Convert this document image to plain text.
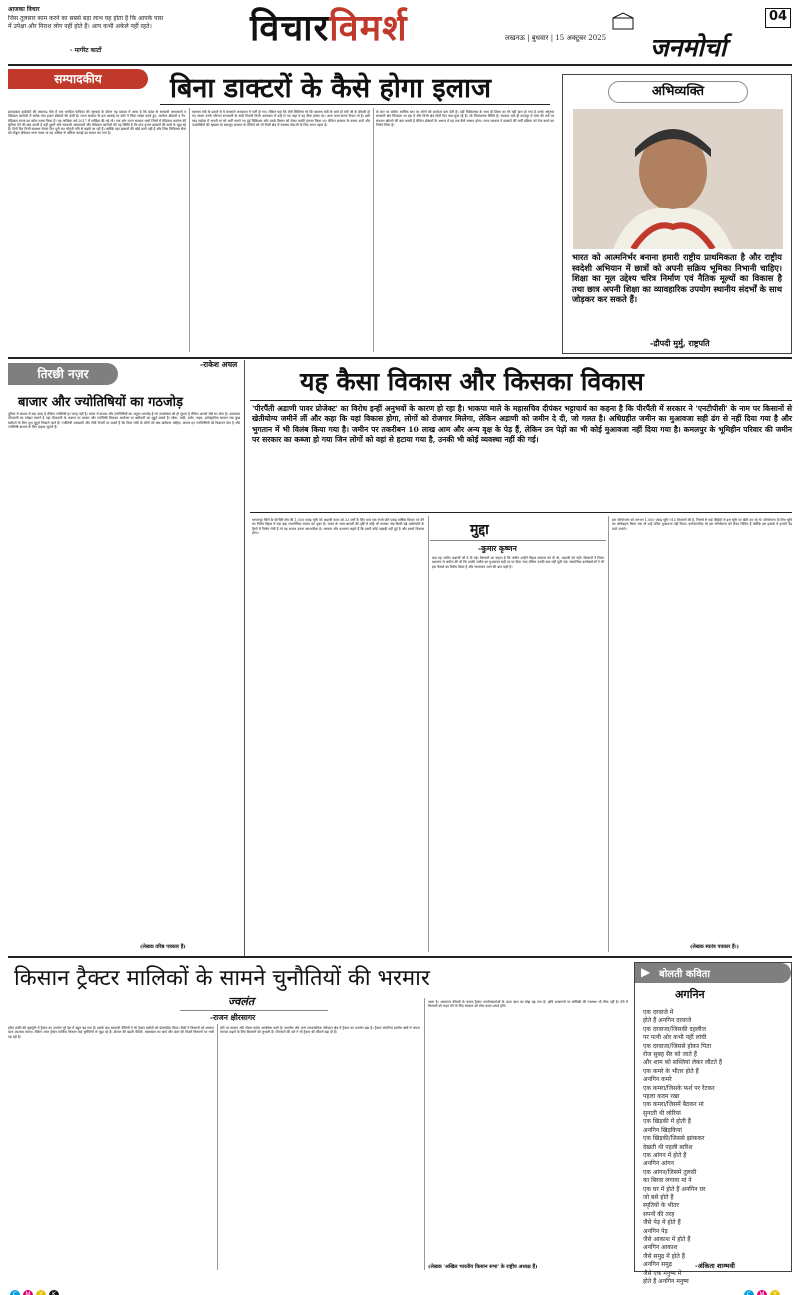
आजका विचार
जिस तुलसार काम करने का सबसे बड़ा लाभ यह होता है कि आपके पास में उपेक्षा और निराश लोग नहीं होते हैं। आप कभी अकेले नहीं रहते।
- मार्गरेट कार्टो
विचारविमर्श	लखनऊ | बुधवार | 15 अक्टूबर 2025 जनमोर्चा
04
सम्पादकीय	बिना डाक्टरों के कैसे होगा इलाज
इलाहाबाद हाईकोर्ट की लखनऊ पीठ में एक जनहित याचिका की सुनवाई के दौरान यह प्रकाश में आया है कि प्रदेश के सरकारी अस्पतालों व मेडिकल कालेजों में करीब पांच हजार डॉक्टरों की कमी है। राज्य सरकार के इस आंकड़े पर कोर्ट ने चिंता व्यक्त करते हुए, कार्यरत डॉक्टरों व गैर-मेडिकल स्टाफ का ब्योरा तलब किया है। यह याचिका वर्ष 2017 में दाखिल की गई थी। एक ओर राज्य सरकार सभी जिलों में मेडिकल कालेज की सुविधा देने की बात करती है वहीं दूसरी ओर सरकारी अस्पतालों और मेडिकल कालेजों की यह स्थिति है कि पांच हजार डाक्टरों की कमी से जूझ रहे हैं। दिनों दिन निजी स्वास्थ्य सेवाएं दिन दूनी रात चौगुनी गति से बढ़ती जा रही हैं। क्योंकि वहां डाक्टरों की कोई कमी नहीं है और जिस चिकित्सा सेवा को नोबुल प्रोफेशन माना जाता था वह अधिक से अधिक कमाई का साधन बन गया है।
स्वास्थ्य मंत्री के हवाले से ये सरकारी अस्पताल में भर्ती हो गए। लेकिन यहां कि ऐसी स्थितियां भी कि स्वास्थ्य मंत्री के जाते ही मंत्री जी के बीमारी हो गए अंततः उनके परिजन राजधानी के नामी गिरामी निजी अस्पताल में उन्हें ले गए जहां वे वह ठीक होकर घर। अगर कमा-करना टिकट तो है। इसी तरह महोबा में अपनी मां को भर्ती कराने गए हुई चिकित्सा और उनके बिस्तर को लेकर काफी हंगामा किया था। लेकिन सरकार के तमाम दावों और उपलब्धियों की श्रृंखला के बावजूद सरकार के मंत्रियों को भी निजी क्षेत्र में स्वास्थ्य सेवाओं के लिए जाना पड़ता है।
के स्तर पर कमित आर्थिक स्तर पर लोगों को कर्जदार बना देती है। वहीं चिकित्सक के साथ ही शिक्षा का भी यही हाल हो गया है उनके अनुसार सरकारी क्षेत्र सिमटता जा रहा है और निजी क्षेत्र दिनों दिन फल-फूल रहे हैं। जो चिंताजनक स्थिति है। सरकार भले ही कानपुर में एम्स की तर्ज पर संस्थान खोलने की बात करती है लेकिन डॉक्टरों के अभाव में यह सब कैसे सम्भव होगा। राज्य सरकार ने डाक्टरों की भर्ती प्रक्रिया को तेज करने का निर्णय लिया है।
अभिव्यक्ति
भारत को आत्मनिर्भर बनाना हमारी राष्ट्रीय प्राथमिकता है और राष्ट्रीय स्वदेशी अभियान में छात्रों को अपनी सक्रिय भूमिका निभानी चाहिए। शिक्षा का मूल उद्देश्य चरित्र निर्माण एवं नैतिक मूल्यों का विकास है तथा छात्र अपनी शिक्षा का व्यावहारिक उपयोग स्थानीय संदर्भों के साथ जोड़कर कर सकते हैं।
-द्रौपदी मुर्मु, राष्ट्रपति
तिरछी नज़र
-राकेश अचल
बाजार और ज्योतिषियों का गठजोड़
दुनिया में बाजार से सब जगह है लेकिन ज्योतिषी हर जगह नहीं है। भारत में बाजार और ज्योतिषियों का अनूठा गठजोड़ है जो उपभोक्ता को ही लूटता है लेकिन आपसे जेबें भर लेता है। आजकल दीपावली का त्योहार सामने है यहां दीपावली के अवसर पर बाजार और ज्योतिषी मिलकर धनतेरस पर खरीदारी का मुहूर्त बताते हैं। सोना, चांदी, बर्तन, वाहन, इलेक्ट्रानिक सामान सब कुछ खरीदने के लिए शुभ मुहूर्त निकाले जाते हैं। ज्योतिषी अखबारों और टीवी चैनलों पर बताते हैं कि किस राशि के लोगों को क्या खरीदना चाहिए। बाजार इन ज्योतिषियों को विज्ञापन देता है और ज्योतिषी बाजार के लिए ग्राहक जुटाते हैं।
(लेखक वरिष्ठ पत्रकार हैं)
यह कैसा विकास और किसका विकास
'पीरपैंती अडाणी पावर प्रोजेक्ट' का विरोध इन्हीं अनुभवों के कारण हो रहा है। भाकपा माले के महासचिव दीपंकर भट्टाचार्य का कहना है कि पीरपैंती में सरकार ने 'एनटीपीसी' के नाम पर किसानों से खेतीयोग्य जमीनें लीं और कहा कि यहां विकास होगा, लोगों को रोजगार मिलेगा, लेकिन अडाणी को जमीन दे दी, जो गलत है। अधिग्रहीत जमीन का मुआवजा सही ढंग से नहीं दिया गया है और भुगतान में भी विलंब किया गया है। जमीन पर तकरीबन 10 लाख आम और अन्य वृक्ष के पेड़ हैं, लेकिन उन पेड़ों का भी कोई मुआवजा नहीं दिया गया है। कमलपुर के भूमिहीन परिवार की जमीन पर सरकार का कब्जा हो गया जिन लोगों को वहां से हटाया गया है, उनकी भी कोई व्यवस्था नहीं की गई।
भागलपुर जिले के पीरपैंती क्षेत्र की 1,050 एकड़ भूमि को अडाणी पावर को 33 वर्षों के लिए मात्र एक रुपये प्रति एकड़ वार्षिक किराए पर देने का निर्णय बिहार में एक बड़ा राजनीतिक सवाल बन चुका है। भारत के आम-आदमी की दृष्टि में कोई भी सरकार जब किसी बड़े उद्योगपति के हितों में निर्णय लेती है तो यह सवाल उठना स्वाभाविक है। सरकार और प्रशासन कहते हैं कि इसमें कोई गड़बड़ी नहीं हुई है और इससे विकास होगा।	मुद्दा
-कुमार कृष्णन
बात यह जमीन अडाणी को दे दी गई। किसानों का कहना है कि जमीन उन्होंने बिहार सरकार को दी थी, अडाणी को नहीं। किसानों ने जिला प्रशासन से अपील की थी कि उनकी जमीन का मुआवजा सही दर पर दिया जाए लेकिन उनकी बात नहीं सुनी गई। सामाजिक कार्यकर्ताओं ने भी इस फैसले का विरोध किया है और न्यायालय जाने की बात कही है।
इस परियोजना को लगभग 1,050 एकड़ भूमि 915 किसानों की है, जिनसे से कई पीढ़ियों से इस भूमि पर खेती कर रहे थे। परियोजना के लिए भूमि का अधिग्रहण किया गया तो उन्हें उचित मुआवजा नहीं मिला। पर्यावरणविद भी इस परियोजना को लेकर चिंतित हैं क्योंकि इस इलाके में हजारों पेड़ काटे जाएंगे।
(लेखक स्वतंत्र पत्रकार हैं।)
किसान ट्रैक्टर मालिकों के सामने चुनौतियों की भरमार
ज्वलंत
-राजन क्षीरसागर
हरित क्रांति की पृष्ठभूमि में ट्रैक्टर का उपयोग पूरे देश में बहुत बढ़ गया है। इसके बाद सरकारी नीतियों ने भी ट्रैक्टर खरीदी को प्रोत्साहित किया। बैंकों ने किसानों को आसान ऋण उपलब्ध कराए। लेकिन आज ट्रैक्टर मालिक किसान कई चुनौतियों से जूझ रहे हैं। डीजल की बढ़ती कीमतें, रखरखाव का खर्च और ऋण की किश्तें किसानों पर भारी पड़ रही हैं।
होने पर सामान और स्पेयर-पार्ट्स अत्यधिक महंगे हैं। स्थानीय और अन्य व्यावसायिक परिवहन क्षेत्र में ट्रैक्टर का उपयोग बढ़ा है। ट्रैक्टर कंपनियां ग्रामीण क्षेत्रों में अपना व्यापार बढ़ाने के लिए किसानों को लुभाती हैं। जीएसटी की दरों ने भी ट्रैक्टर की कीमतें बढ़ा दी हैं।
जाता है। असमान्य कीमतों के कारण ट्रैक्टर उपयोगकर्ताओं के ऊपर ऋण का बोझ बढ़ गया है। कृषि उपकरणों पर सब्सिडी की व्यवस्था भी ठीक नहीं है। ऐसे में किसानों को राहत देने के लिए सरकार को ठोस कदम उठाने होंगे।
(लेखक 'अखिल भारतीय किसान सभा' के राष्ट्रीय अध्यक्ष हैं)
▶ बोलती कविता
अगनिन
एक दरवाजे में
होते हैं अनगिन दरवाजे
एक दरवाजा/जिसकी दहलीज
पर पत्नी ओर कभी नहीं लांघी
एक दरवाजा/जिससे होकर पिता
रोज सुबह सैर को जाते हैं
और शाम को सब्जियां लेकर लौटते हैं
एक कमरे के भीतर होते हैं
अनगिन कमरे
एक कमरा/जिसके फर्श पर रेंटकर
पहला कदम रखा
एक कमरा/जिसमें बैठकर मां
सुनाती थी लोरियां
एक खिड़की में होती हैं
अनगिन खिड़कियां
एक खिड़की/जिससे झांककर
देखती थी पहली बारिश
एक आंगन में होते हैं
अनगिन आंगन
एक आंगन/जिसमें तुलसी
का बिरवा लगाया मां ने
एक घर में होते हैं अनगिन घर
जो बसे होते हैं
स्मृतियों के भीतर
सपनों की तरह
जैसे पेड़ में होते हैं
अनगिन पेड़
जैसे आकाश में होते हैं
अनगिन आकाश
जैसे समुद्र में होते हैं
अनगिन समुद्र
जैसे एक मनुष्य में
होते हैं अनगिन मनुष्य
-अंकिता शाम्भवी
C M Y K	C M Y
